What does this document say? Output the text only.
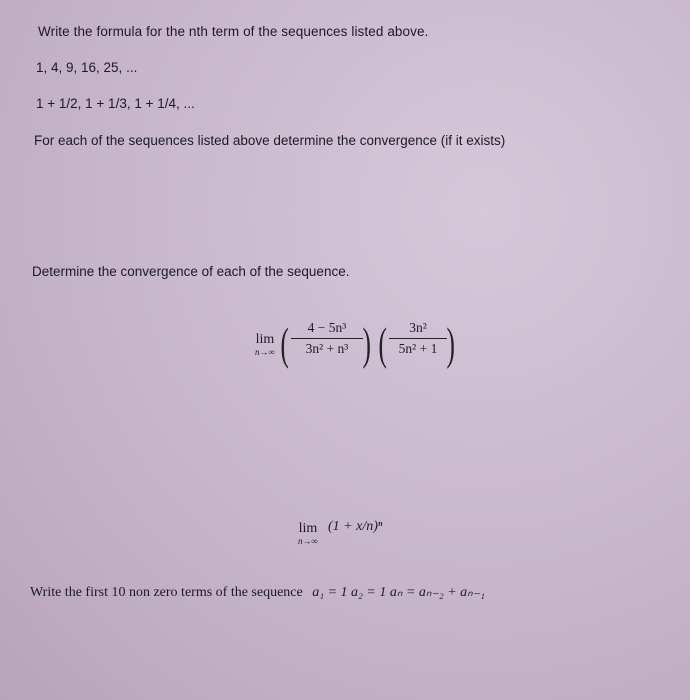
Write the formula for the nth term of the sequences listed above.
1, 4, 9, 16, 25, ...
1 + 1/2, 1 + 1/3, 1 + 1/4, ...
For each of the sequences listed above determine the convergence (if it exists)
Determine the convergence of each of the sequence.
lim
n→∞ (	4 − 5n³
3n² + n³ ) (	3n²
5n² + 1 )
lim
n→∞
(1 + x/n)ⁿ
Write the first 10 non zero terms of the sequence a₁ = 1 a₂ = 1 aₙ = aₙ₋₂ + aₙ₋₁
